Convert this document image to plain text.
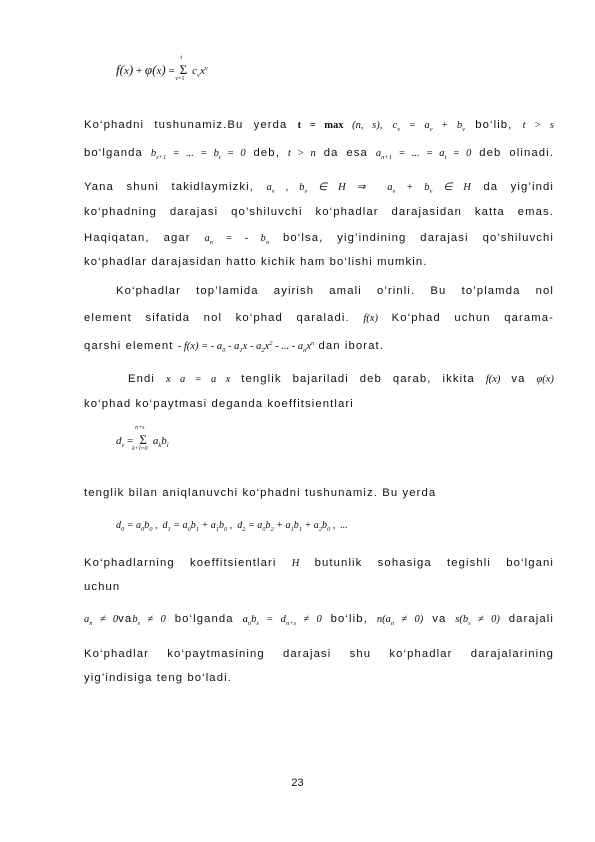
f(x) + φ(x) =
t
Σ
ν=1
$c_\nu x^\nu$
Ko‘phadni tushunamiz.Bu yerda t = max (n, s), $c_\nu = a_\nu + b_\nu$ bo‘lib, t > s
bo‘lganda $b_{s+1}$ = ... = $b_t = 0$ deb, t > n da esa $a_{n+1}$ = ... = $a_t = 0$ deb olinadi.
Yana shuni takidlaymizki, $a_\nu$ , $b_\nu$ ∈ H ⇒  $a_\nu + b_\nu$ ∈ H da yig’indi
ko‘phadning darajasi qo’shiluvchi ko‘phadlar darajasidan katta emas.
Haqiqatan, agar $a_n$ = - $b_n$ bo‘lsa, yig’indining darajasi qo’shiluvchi
ko‘phadlar darajasidan hatto kichik ham bo‘lishi mumkin.
Ko‘phadlar top’lamida ayirish amali o’rinli. Bu to’plamda nol
element sifatida nol ko‘phad qaraladi. f(x) Ko‘phad uchun qarama-
qarshi element - f(x) = - $a_0 - a_1x - a_2x^2$ - ... - $a_nx^n$ dan iborat.
Endi x a = a x tenglik bajariladi deb qarab, ikkita f(x) va φ(x)
ko‘phad ko‘paytmasi deganda koeffitsientlari
$d_\nu$ =
n+s
Σ
k+l=0
$a_kb_l$
tenglik bilan aniqlanuvchi ko‘phadni tushunamiz. Bu yerda
$d_0 = a_0b_0$ ,  $d_1 = a_0b_1 + a_1b_0$ ,  $d_2 = a_0b_2 + a_1b_1 + a_2b_0$ ,  ...
Ko‘phadlarning koeffitsientlari H butunlik sohasiga tegishli bo‘lgani
uchun
$a_n \ne 0vab_s \ne 0$ bo‘lganda $a_nb_s = d_{n+s} \ne 0$ bo‘lib, $n(a_n \ne 0)$ va $s(b_s \ne 0)$ darajali
Ko‘phadlar ko‘paytmasining darajasi shu ko‘phadlar darajalarining
yig’indisiga teng bo‘ladi.
23
